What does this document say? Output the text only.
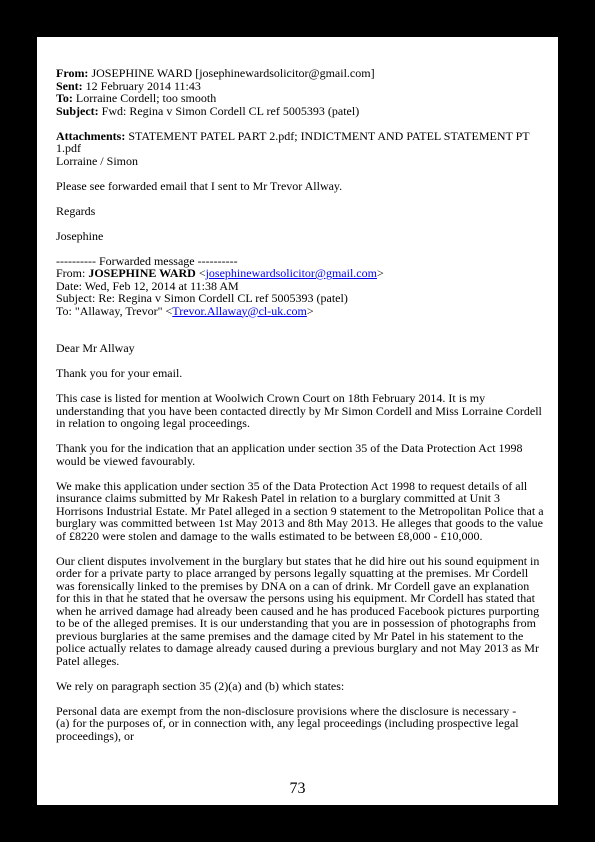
From: JOSEPHINE WARD [josephinewardsolicitor@gmail.com]
Sent: 12 February 2014 11:43
To: Lorraine Cordell; too smooth
Subject: Fwd: Regina v Simon Cordell CL ref 5005393 (patel)
Attachments: STATEMENT PATEL PART 2.pdf; INDICTMENT AND PATEL STATEMENT PT
1.pdf
Lorraine / Simon
Please see forwarded email that I sent to Mr Trevor Allway.
Regards
Josephine
---------- Forwarded message ----------
From: JOSEPHINE WARD <josephinewardsolicitor@gmail.com>
Date: Wed, Feb 12, 2014 at 11:38 AM
Subject: Re: Regina v Simon Cordell CL ref 5005393 (patel)
To: "Allaway, Trevor" <Trevor.Allaway@cl-uk.com>
Dear Mr Allway
Thank you for your email.
This case is listed for mention at Woolwich Crown Court on 18th February 2014. It is my
understanding that you have been contacted directly by Mr Simon Cordell and Miss Lorraine Cordell
in relation to ongoing legal proceedings.
Thank you for the indication that an application under section 35 of the Data Protection Act 1998
would be viewed favourably.
We make this application under section 35 of the Data Protection Act 1998 to request details of all
insurance claims submitted by Mr Rakesh Patel in relation to a burglary committed at Unit 3
Horrisons Industrial Estate. Mr Patel alleged in a section 9 statement to the Metropolitan Police that a
burglary was committed between 1st May 2013 and 8th May 2013. He alleges that goods to the value
of £8220 were stolen and damage to the walls estimated to be between £8,000 - £10,000.
Our client disputes involvement in the burglary but states that he did hire out his sound equipment in
order for a private party to place arranged by persons legally squatting at the premises. Mr Cordell
was forensically linked to the premises by DNA on a can of drink. Mr Cordell gave an explanation
for this in that he stated that he oversaw the persons using his equipment. Mr Cordell has stated that
when he arrived damage had already been caused and he has produced Facebook pictures purporting
to be of the alleged premises. It is our understanding that you are in possession of photographs from
previous burglaries at the same premises and the damage cited by Mr Patel in his statement to the
police actually relates to damage already caused during a previous burglary and not May 2013 as Mr
Patel alleges.
We rely on paragraph section 35 (2)(a) and (b) which states:
Personal data are exempt from the non-disclosure provisions where the disclosure is necessary -
(a) for the purposes of, or in connection with, any legal proceedings (including prospective legal
proceedings), or
73
